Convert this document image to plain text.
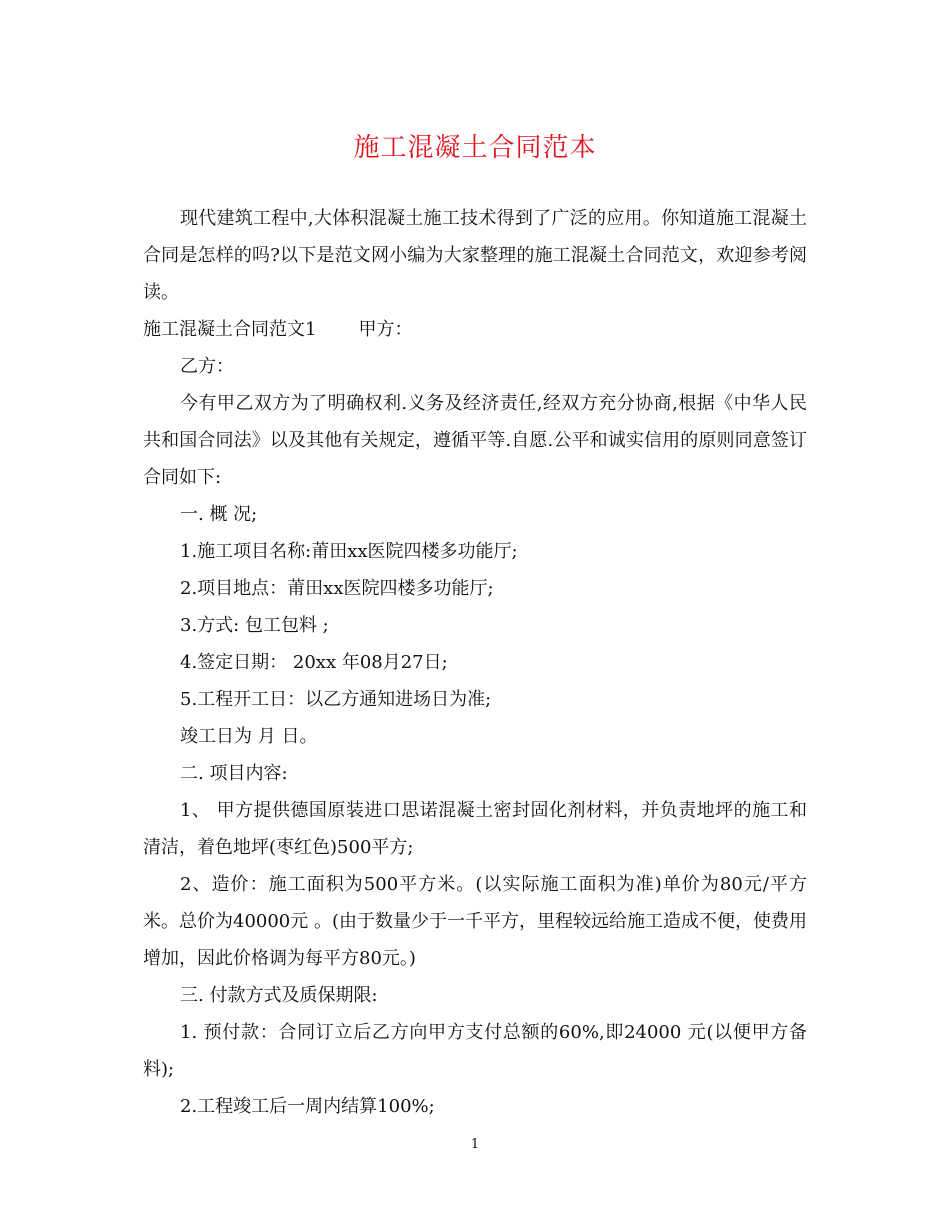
施工混凝土合同范本

现代建筑工程中,大体积混凝土施工技术得到了广泛的应用。你知道施工混凝土合同是怎样的吗?以下是范文网小编为大家整理的施工混凝土合同范文，欢迎参考阅读。

施工混凝土合同范文1 甲方：

乙方：

今有甲乙双方为了明确权利.义务及经济责任,经双方充分协商,根据《中华人民共和国合同法》以及其他有关规定，遵循平等.自愿.公平和诚实信用的原则同意签订合同如下:

一. 概 况;

1.施工项目名称:莆田xx医院四楼多功能厅;

2.项目地点：莆田xx医院四楼多功能厅;

3.方式: 包工包料 ;

4.签定日期： 20xx 年08月27日;

5.工程开工日：以乙方通知进场日为准;

竣工日为 月 日。

二. 项目内容:

1、 甲方提供德国原装进口思诺混凝土密封固化剂材料，并负责地坪的施工和清洁，着色地坪(枣红色)500平方;

2、造价：施工面积为500平方米。(以实际施工面积为准)单价为80元/平方米。总价为40000元 。(由于数量少于一千平方，里程较远给施工造成不便，使费用增加，因此价格调为每平方80元。)

三. 付款方式及质保期限:

1. 预付款：合同订立后乙方向甲方支付总额的60%,即24000 元(以便甲方备料);

2.工程竣工后一周内结算100%;

1
